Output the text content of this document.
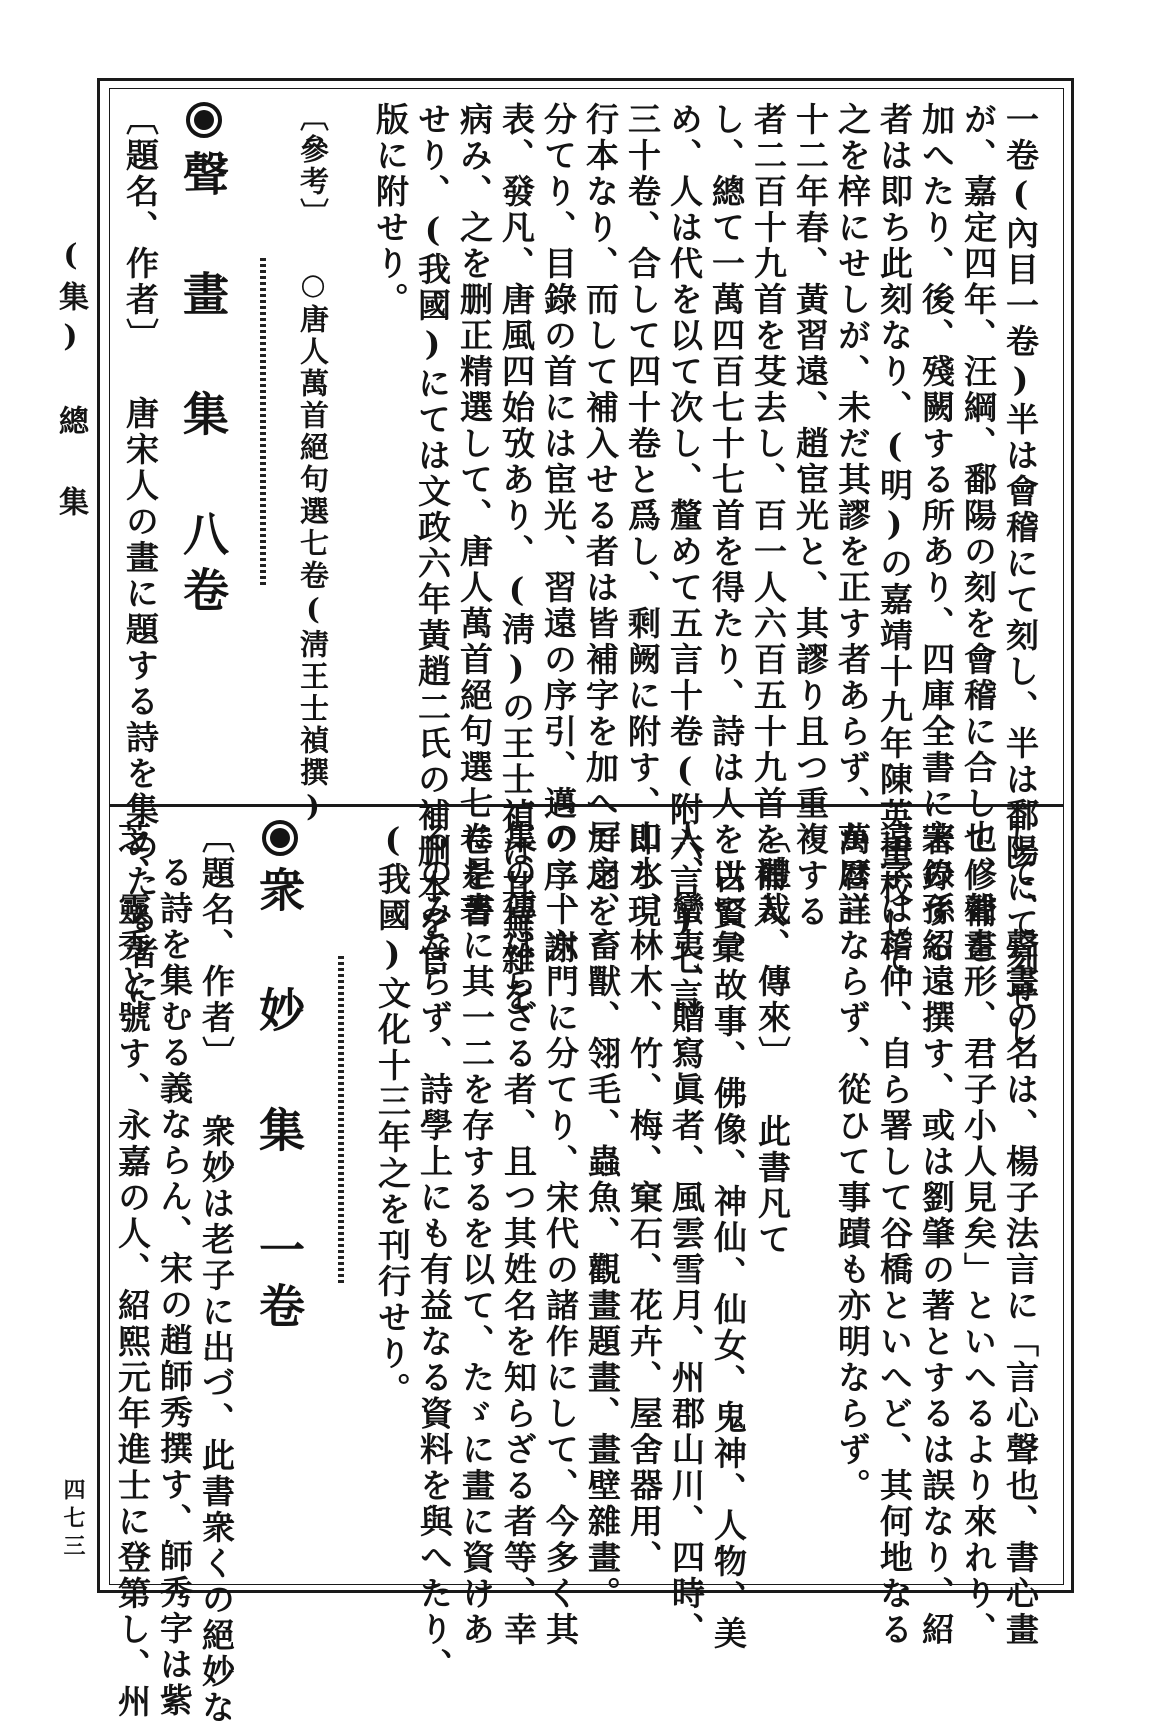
(集) 總 集
四七三
一卷(內目一卷)半は會稽にて刻し、半は鄱陽にて刻せし
が、嘉定四年、汪綱、鄱陽の刻を會稽に合して修補を
加へたり、後、殘闕する所あり、四庫全書に著錄する
者は即ち此刻なり、(明)の嘉靖十九年陳英重校して
之を梓にせしが、未だ其謬を正す者あらず、萬曆三
十二年春、黃習遠、趙宦光と、其謬り且つ重複する
者二百十九首を芟去し、百一人六百五十九首を補入
し、總て一萬四百七十七首を得たり、詩は人を以て彙
め、人は代を以て次し、釐めて五言十卷(附六言)七言
三十卷、合して四十卷と爲し、剩阙に附す、即ち現
行本なり、而して補入せる者は皆補字を加へて之を
分てり、目錄の首には宦光、習遠の序引、邁の序、謝
表、發凡、唐風四始攷あり、(淸)の王士禎は其蕪雜を
病み、之を删正精選して、唐人萬首絕句選七卷を著
せり、(我國)にては文政六年黃趙二氏の補删本を官
版に附せり。
〔參考〕 ○唐人萬首絕句選七卷(淸王士禎撰)
聲 畫 集 八卷
〔題名、作者〕 唐宋人の畫に題する詩を集めたる者に
して、聲畫の名は、楊子法言に「言心聲也、書心畫
也、聲畫形、君子小人見矣」といへるより來れり、
宋の孫紹遠撰す、或は劉肇の著とするは誤なり、紹
遠字は稽仲、自ら署して谷橋といへど、其何地なる
かは詳ならず、從ひて事蹟も亦明ならず。
〔體裁、傳來〕 此書凡て
古賢、故事、佛像、神仙、仙女、鬼神、人物、美
人、蠻夷、贈寫眞者、風雲雪月、州郡山川、四時、
山水、林木、竹、梅、窠石、花卉、屋舍器用、
屛扇、畜獸、翎毛、蟲魚、觀畫題畫、畫壁雜畫。
の二十六門に分てり、宋代の諸作にして、今多く其
集の傳はらざる者、且つ其姓名を知らざる者等、幸
に是書に其一二を存するを以て、たゞに畫に資けあ
るのみならず、詩學上にも有益なる資料を與へたり、
(我國)文化十三年之を刊行せり。
衆 妙 集 一卷
〔題名、作者〕 衆妙は老子に出づ、此書衆くの絕妙な
る詩を集むる義ならん、宋の趙師秀撰す、師秀字は紫
芝、靈秀と號す、永嘉の人、紹熙元年進士に登第し、州
